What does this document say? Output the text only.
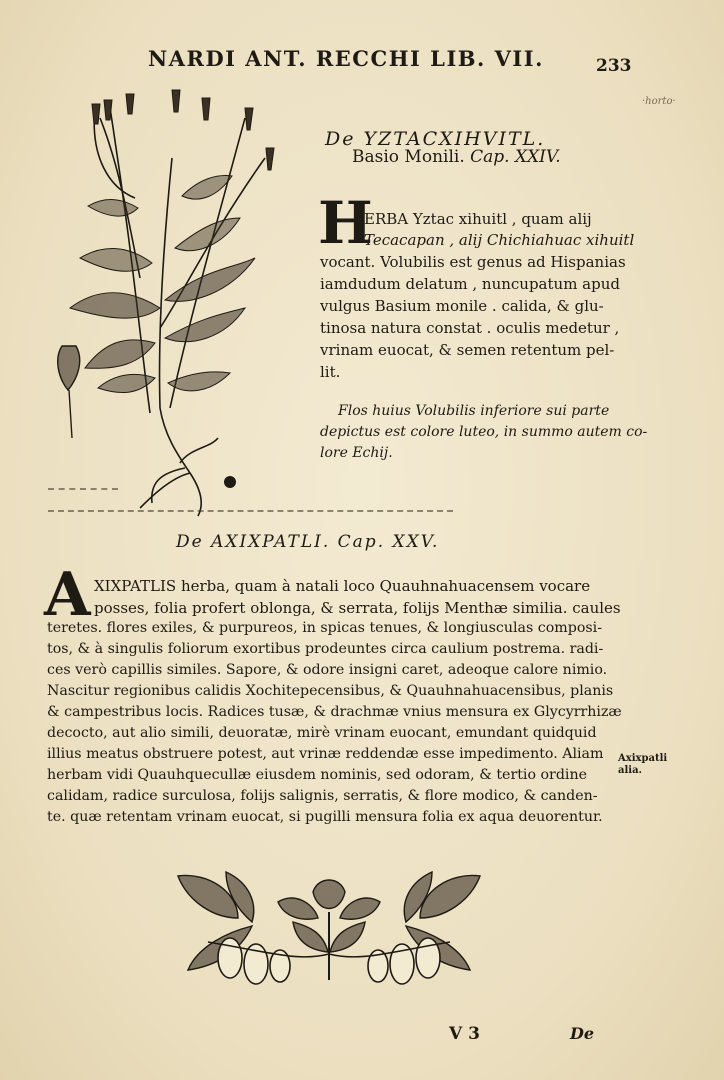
NARDI ANT. RECCHI LIB. VII.	233
·horto·
De YZTACXIHVITL.
Basio Monili. Cap. XXIV.
H
ERBA Yztac xihuitl , quam alij
Tecacapan , alij Chichiahuac xihuitl
vocant. Volubilis est genus ad Hispanias
iamdudum delatum , nuncupatum apud
vulgus Basium monile . calida, & glu-
tinosa natura constat . oculis medetur ,
vrinam euocat, & semen retentum pel-
lit.
Flos huius Volubilis inferiore sui parte
depictus est colore luteo, in summo autem co-
lore Echij.
De AXIXPATLI. Cap. XXV.
A XIXPATLIS herba, quam à natali loco Quauhnahuacensem vocare
posses, folia profert oblonga, & serrata, folijs Menthæ similia. caules
teretes. flores exiles, & purpureos, in spicas tenues, & longiusculas composi-
tos, & à singulis foliorum exortibus prodeuntes circa caulium postrema. radi-
ces verò capillis similes. Sapore, & odore insigni caret, adeoque calore nimio.
Nascitur regionibus calidis Xochitepecensibus, & Quauhnahuacensibus, planis
& campestribus locis. Radices tusæ, & drachmæ vnius mensura ex Glycyrrhizæ
decocto, aut alio simili, deuoratæ, mirè vrinam euocant, emundant quidquid
illius meatus obstruere potest, aut vrinæ reddendæ esse impedimento. Aliam
herbam vidi Quauhquecullæ eiusdem nominis, sed odoram, & tertio ordine
calidam, radice surculosa, folijs salignis, serratis, & flore modico, & canden-
te. quæ retentam vrinam euocat, si pugilli mensura folia ex aqua deuorentur.
Axixpatli
alia.
V 3	De
